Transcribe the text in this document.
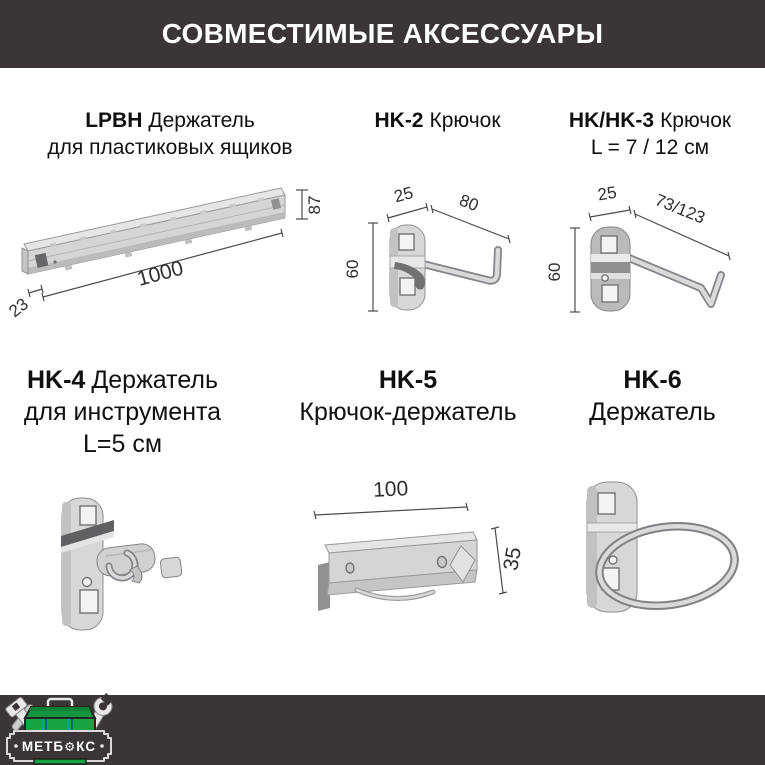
СОВМЕСТИМЫЕ АКСЕССУАРЫ
LPBH Держатель
для пластиковых ящиков
HK-2 Крючок	HK/HK-3 Крючок
L = 7 / 12 см
HK-4 Держатель
для инструмента
L=5 см
HK-5
Крючок-держатель
HK-6
Держатель
87
1000
23
60
25 80
60
25 73/123
100
35
МЕТБ⚙КС
